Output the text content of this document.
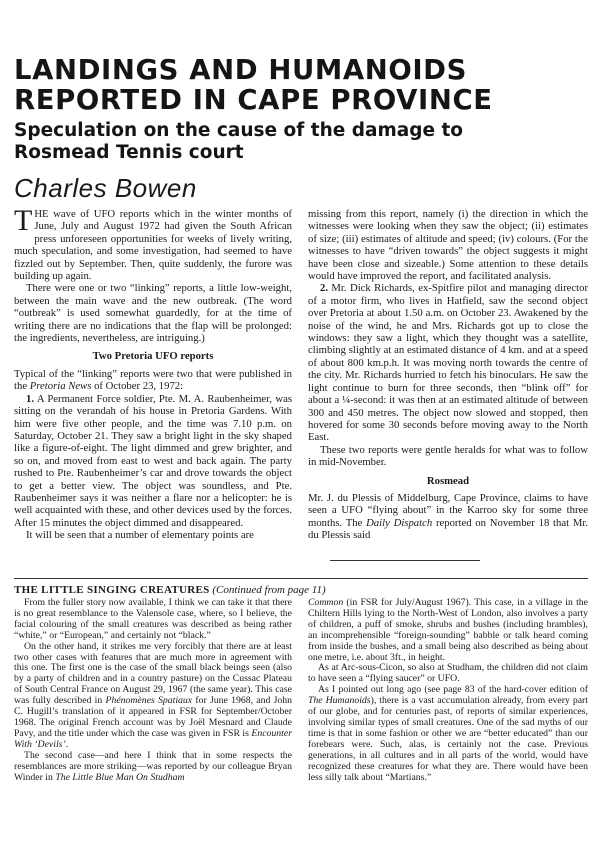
LANDINGS AND HUMANOIDS
REPORTED IN CAPE PROVINCE
Speculation on the cause of the damage to
Rosmead Tennis court
Charles Bowen

THE wave of UFO reports which in the winter months of June, July and August 1972 had given the South African press unforeseen opportunities for weeks of lively writing, much speculation, and some investigation, had seemed to have fizzled out by September. Then, quite suddenly, the furore was building up again.

There were one or two “linking” reports, a little low-weight, between the main wave and the new outbreak. (The word “outbreak” is used somewhat guardedly, for at the time of writing there are no indications that the flap will be prolonged: the ingredients, nevertheless, are intriguing.)

Two Pretoria UFO reports

Typical of the “linking” reports were two that were published in the Pretoria News of October 23, 1972:

1. A Permanent Force soldier, Pte. M. A. Raubenheimer, was sitting on the verandah of his house in Pretoria Gardens. With him were five other people, and the time was 7.10 p.m. on Saturday, October 21. They saw a bright light in the sky shaped like a figure-of-eight. The light dimmed and grew brighter, and so on, and moved from east to west and back again. The party rushed to Pte. Raubenheimer’s car and drove towards the object to get a better view. The object was soundless, and Pte. Raubenheimer says it was neither a flare nor a helicopter: he is well acquainted with these, and other devices used by the forces. After 15 minutes the object dimmed and disappeared.

It will be seen that a number of elementary points are

missing from this report, namely (i) the direction in which the witnesses were looking when they saw the object; (ii) estimates of size; (iii) estimates of altitude and speed; (iv) colours. (For the witnesses to have “driven towards” the object suggests it might have been close and sizeable.) Some attention to these details would have improved the report, and facilitated analysis.

2. Mr. Dick Richards, ex-Spitfire pilot and managing director of a motor firm, who lives in Hatfield, saw the second object over Pretoria at about 1.50 a.m. on October 23. Awakened by the noise of the wind, he and Mrs. Richards got up to close the windows: they saw a light, which they thought was a satellite, climbing slightly at an estimated distance of 4 km. and at a speed of about 800 km.p.h. It was moving north towards the centre of the city. Mr. Richards hurried to fetch his binoculars. He saw the light continue to burn for three seconds, then “blink off” for about a ¼-second: it was then at an estimated altitude of between 300 and 450 metres. The object now slowed and stopped, then hovered for some 30 seconds before moving away to the North East.

These two reports were gentle heralds for what was to follow in mid-November.

Rosmead

Mr. J. du Plessis of Middelburg, Cape Province, claims to have seen a UFO “flying about” in the Karroo sky for some three months. The Daily Dispatch reported on November 18 that Mr. du Plessis said

THE LITTLE SINGING CREATURES (Continued from page 11)

From the fuller story now available, I think we can take it that there is no great resemblance to the Valensole case, where, so I believe, the facial colouring of the small creatures was described as being rather “white,” or “European,” and certainly not “black.”

On the other hand, it strikes me very forcibly that there are at least two other cases with features that are much more in agreement with this one. The first one is the case of the small black beings seen (also by a party of children and in a country pasture) on the Cussac Plateau of South Central France on August 29, 1967 (the same year). This case was fully described in Phénomènes Spatiaux for June 1968, and John C. Hugill’s translation of it appeared in FSR for September/October 1968. The original French account was by Joël Mesnard and Claude Pavy, and the title under which the case was given in FSR is Encounter With ‘Devils’.

The second case—and here I think that in some respects the resemblances are more striking—was reported by our colleague Bryan Winder in The Little Blue Man On Studham

Common (in FSR for July/August 1967). This case, in a village in the Chiltern Hills lying to the North-West of London, also involves a party of children, a puff of smoke, shrubs and bushes (including brambles), an incomprehensible “foreign-sounding” babble or talk heard coming from inside the bushes, and a small being also described as being about one metre, i.e. about 3ft., in height.

As at Arc-sous-Cicon, so also at Studham, the children did not claim to have seen a “flying saucer” or UFO.

As I pointed out long ago (see page 83 of the hard-cover edition of The Humanoids), there is a vast accumulation already, from every part of our globe, and for centuries past, of reports of similar experiences, involving similar types of small creatures. One of the sad myths of our time is that in some fashion or other we are “better educated” than our forebears were. Such, alas, is certainly not the case. Previous generations, in all cultures and in all parts of the world, would have recognized these creatures for what they are. There would have been less silly talk about “Martians.”
